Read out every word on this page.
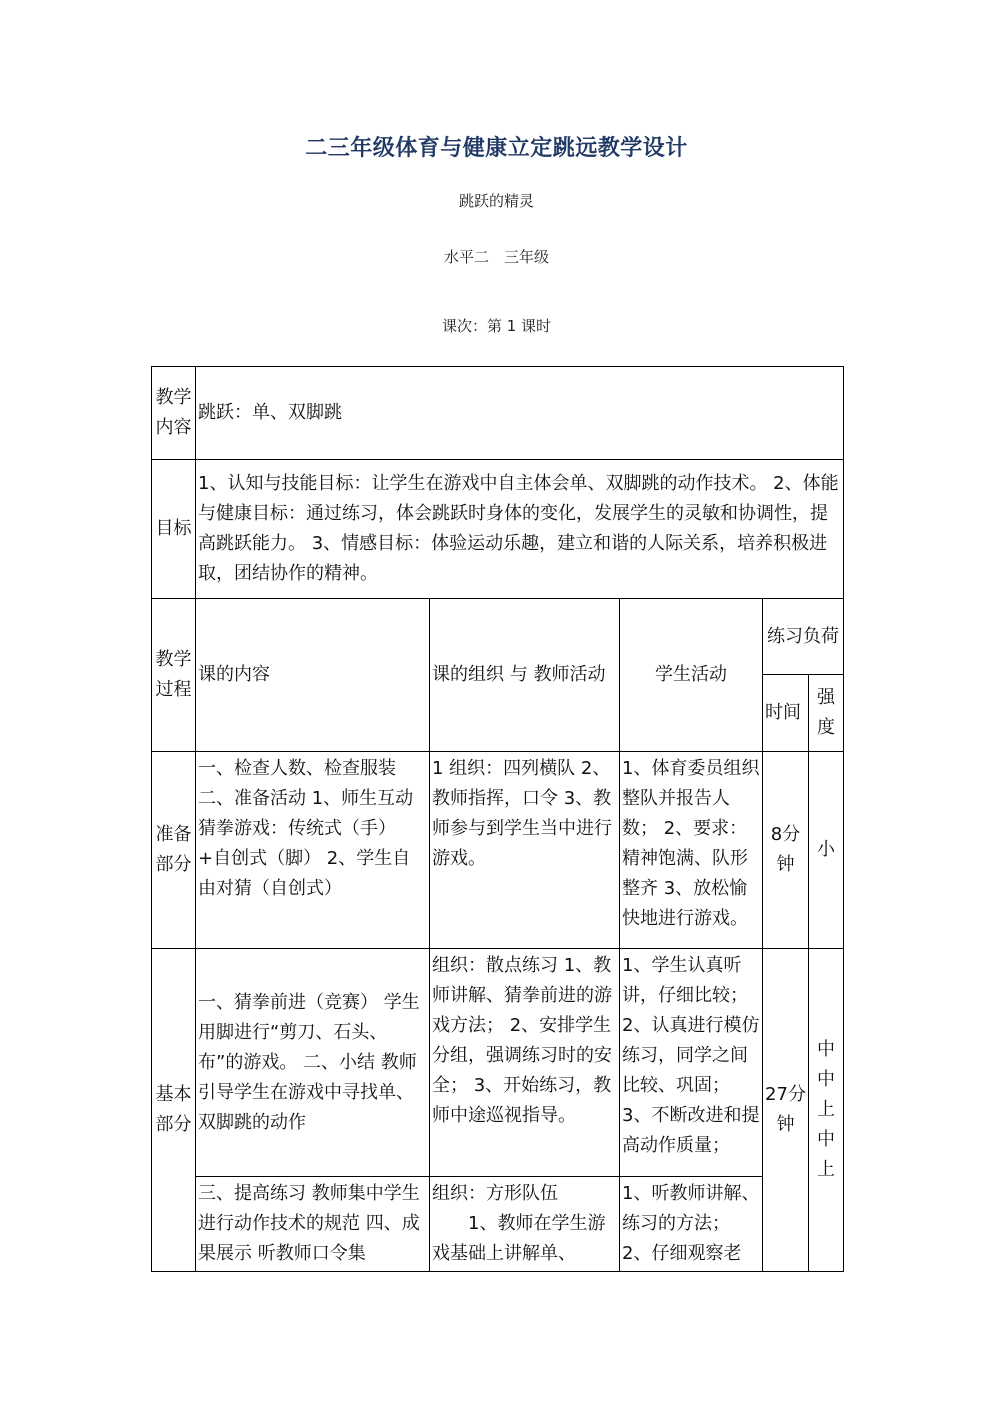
二三年级体育与健康立定跳远教学设计
跳跃的精灵
水平二　三年级
课次：第 1 课时
教学内容	跳跃：单、双脚跳				
目标	1、认知与技能目标：让学生在游戏中自主体会单、双脚跳的动作技术。 2、体能与健康目标：通过练习，体会跳跃时身体的变化，发展学生的灵敏和协调性，提高跳跃能力。 3、情感目标：体验运动乐趣，建立和谐的人际关系，培养积极进取，团结协作的精神。				
教学过程	课的内容	课的组织 与 教师活动	学生活动	练习负荷	
				时间	强度
准备部分	一、检查人数、检查服装 二、准备活动 1、师生互动猜拳游戏：传统式（手）+自创式（脚） 2、学生自由对猜（自创式）	1 组织：四列横队 2、教师指挥，口令 3、教师参与到学生当中进行游戏。	1、体育委员组织整队并报告人数； 2、要求：精神饱满、队形整齐 3、放松愉快地进行游戏。	8分钟	小
基本部分	一、猜拳前进（竞赛） 学生用脚进行“剪刀、石头、布”的游戏。 二、小结 教师引导学生在游戏中寻找单、双脚跳的动作	组织：散点练习 1、教师讲解、猜拳前进的游戏方法； 2、安排学生分组，强调练习时的安全； 3、开始练习，教师中途巡视指导。	1、学生认真听讲，仔细比较； 2、认真进行模仿练习，同学之间比较、巩固； 3、不断改进和提高动作质量；	27分钟	中中上中上
	三、提高练习 教师集中学生进行动作技术的规范 四、成果展示 听教师口令集	组织：方形队伍 　　1、教师在学生游戏基础上讲解单、	1、听教师讲解、练习的方法； 2、仔细观察老		
